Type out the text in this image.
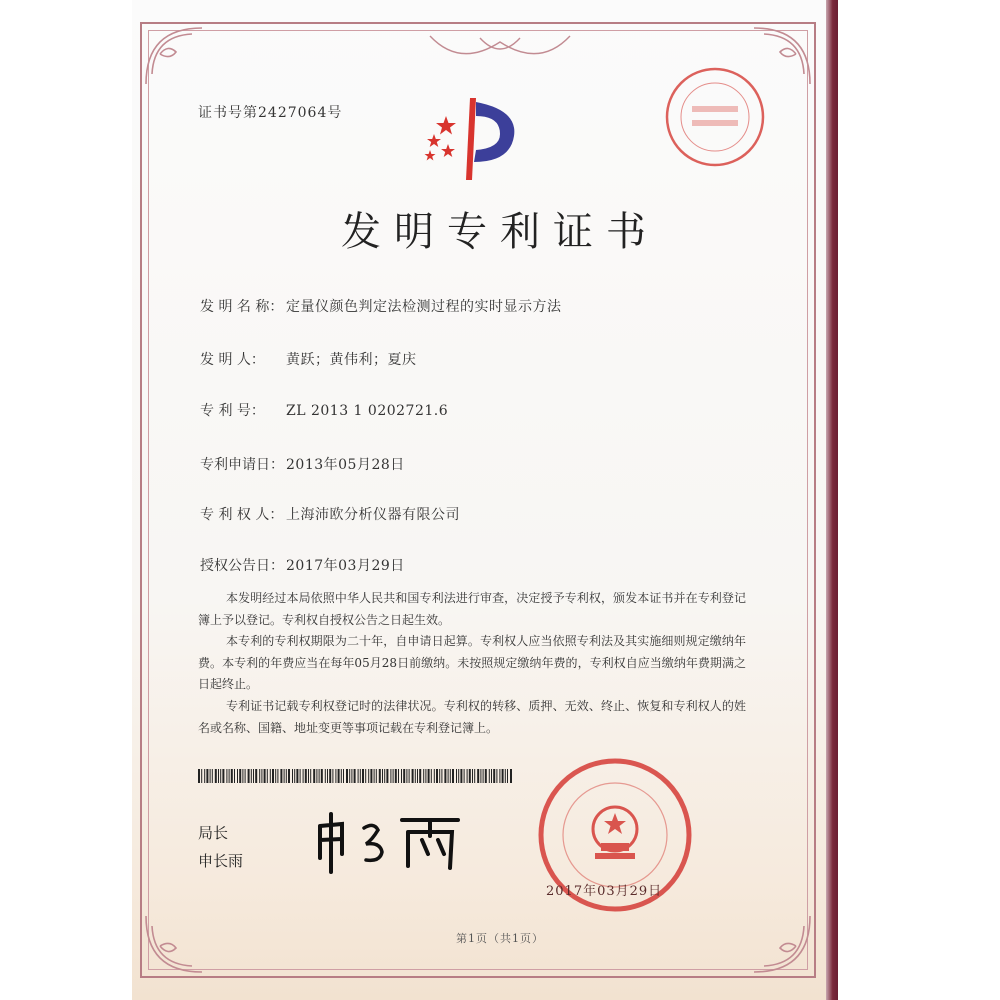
证书号第2427064号
发明专利证书
发 明 名 称： 定量仪颜色判定法检测过程的实时显示方法
发 明 人： 黄跃；黄伟利；夏庆
专 利 号： ZL 2013 1 0202721.6
专利申请日： 2013年05月28日
专 利 权 人： 上海沛欧分析仪器有限公司
授权公告日： 2017年03月29日

本发明经过本局依照中华人民共和国专利法进行审查，决定授予专利权，颁发本证书并在专利登记簿上予以登记。专利权自授权公告之日起生效。

本专利的专利权期限为二十年，自申请日起算。专利权人应当依照专利法及其实施细则规定缴纳年费。本专利的年费应当在每年05月28日前缴纳。未按照规定缴纳年费的，专利权自应当缴纳年费期满之日起终止。

专利证书记载专利权登记时的法律状况。专利权的转移、质押、无效、终止、恢复和专利权人的姓名或名称、国籍、地址变更等事项记载在专利登记簿上。

局长
申长雨
2017年03月29日
第1页（共1页）
